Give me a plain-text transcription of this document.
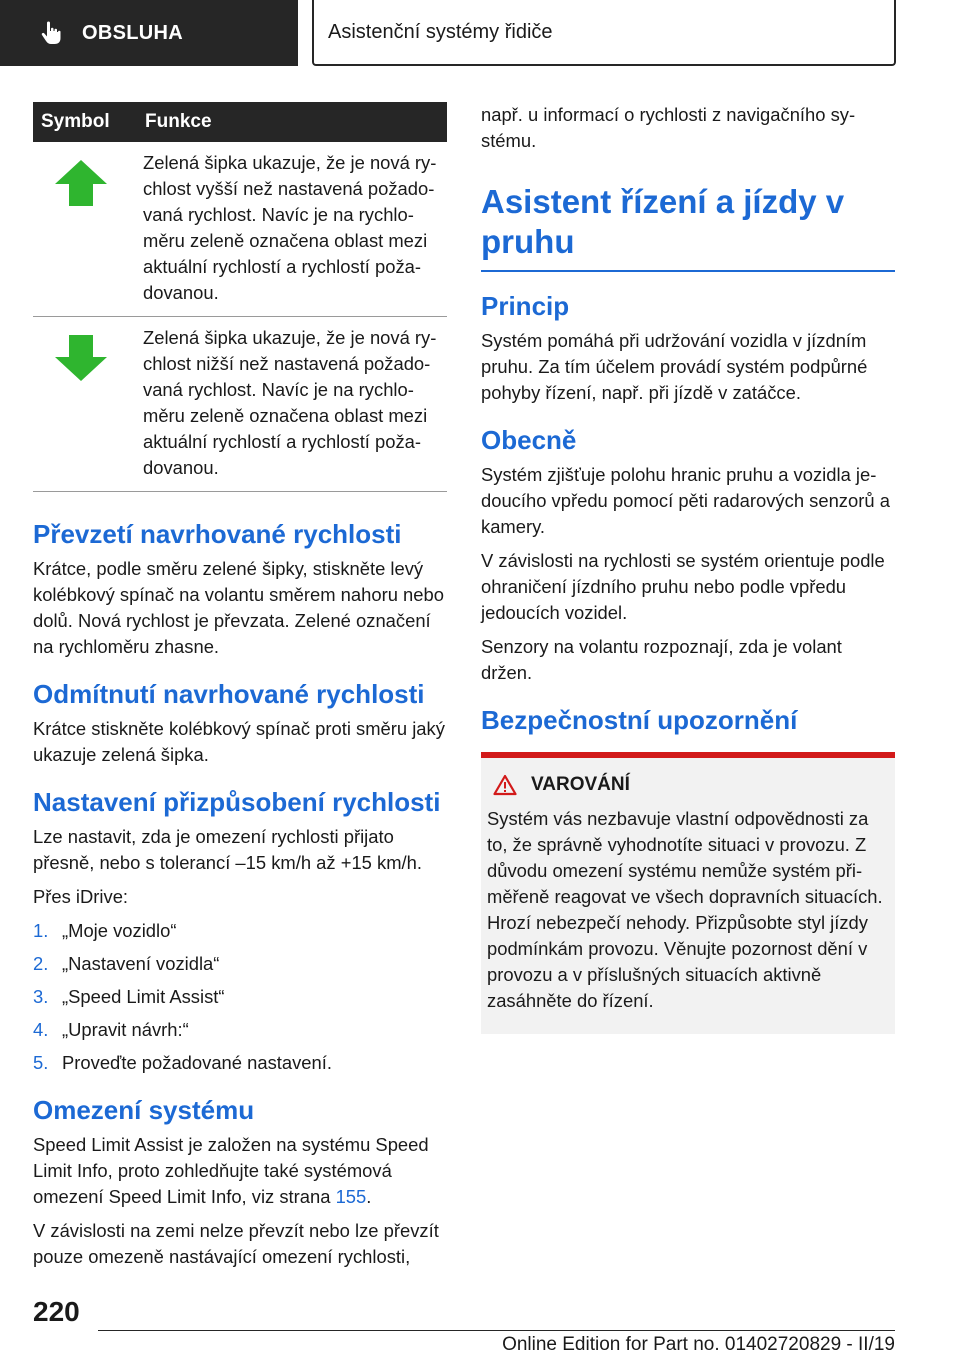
OBSLUHA	Asistenční systémy řidiče
Symbol	Funkce

	Zelená šipka ukazuje, že je nová rychlost vyšší než nastavená požadovaná rychlost. Navíc je na rychloměru zeleně označena oblast mezi aktuální rychlostí a rychlostí požadovanou.

	Zelená šipka ukazuje, že je nová rychlost nižší než nastavená požadovaná rychlost. Navíc je na rychloměru zeleně označena oblast mezi aktuální rychlostí a rychlostí požadovanou.
Převzetí navrhované rychlosti

Krátce, podle směru zelené šipky, stiskněte levý kolébkový spínač na volantu směrem nahoru nebo dolů. Nová rychlost je převzata. Zelené označení na rychloměru zhasne.

Odmítnutí navrhované rychlosti

Krátce stiskněte kolébkový spínač proti směru jaký ukazuje zelená šipka.

Nastavení přizpůsobení rychlosti

Lze nastavit, zda je omezení rychlosti přijato přesně, nebo s tolerancí –15 km/h až +15 km/h.

Přes iDrive:

1. „Moje vozidlo“
2. „Nastavení vozidla“
3. „Speed Limit Assist“
4. „Upravit návrh:“
5. Proveďte požadované nastavení.
Omezení systému

Speed Limit Assist je založen na systému Speed Limit Info, proto zohledňujte také systémová omezení Speed Limit Info, viz strana 155.

V závislosti na zemi nelze převzít nebo lze převzít pouze omezeně nastávající omezení rychlosti,

např. u informací o rychlosti z navigačního systému.

Asistent řízení a jízdy v pruhu
Princip

Systém pomáhá při udržování vozidla v jízdním pruhu. Za tím účelem provádí systém podpůrné pohyby řízení, např. při jízdě v zatáčce.

Obecně

Systém zjišťuje polohu hranic pruhu a vozidla jedoucího vpředu pomocí pěti radarových senzorů a kamery.

V závislosti na rychlosti se systém orientuje podle ohraničení jízdního pruhu nebo podle vpředu jedoucích vozidel.

Senzory na volantu rozpoznají, zda je volant držen.

Bezpečnostní upozornění
VAROVÁNÍ

Systém vás nezbavuje vlastní odpovědnosti za to, že správně vyhodnotíte situaci v provozu. Z důvodu omezení systému nemůže systém přiměřeně reagovat ve všech dopravních situacích. Hrozí nebezpečí nehody. Přizpůsobte styl jízdy podmínkám provozu. Věnujte pozornost dění v provozu a v příslušných situacích aktivně zasáhněte do řízení.

220
Online Edition for Part no. 01402720829 - II/19
